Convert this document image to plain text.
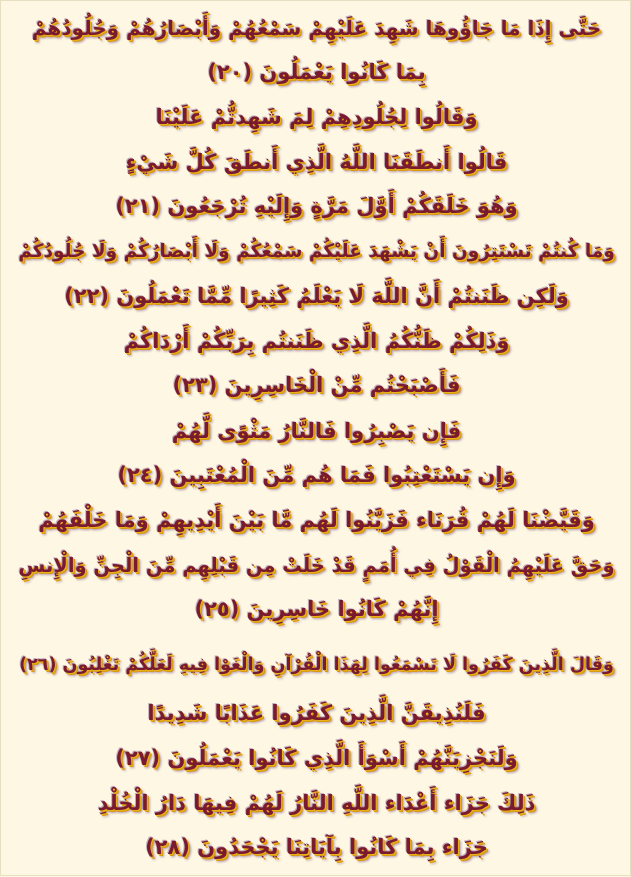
حَتَّى إِذَا مَا جَاؤُوهَا شَهِدَ عَلَيْهِمْ سَمْعُهُمْ وَأَبْصَارُهُمْ وَجُلُودُهُمْ
بِمَا كَانُوا يَعْمَلُونَ (٢٠)
وَقَالُوا لِجُلُودِهِمْ لِمَ شَهِدتُّمْ عَلَيْنَا
قَالُوا أَنطَقَنَا اللَّهُ الَّذِي أَنطَقَ كُلَّ شَيْءٍ
وَهُوَ خَلَقَكُمْ أَوَّلَ مَرَّةٍ وَإِلَيْهِ تُرْجَعُونَ (٢١)
وَمَا كُنتُمْ تَسْتَتِرُونَ أَنْ يَشْهَدَ عَلَيْكُمْ سَمْعُكُمْ وَلَا أَبْصَارُكُمْ وَلَا جُلُودُكُمْ
وَلَكِن ظَنَنتُمْ أَنَّ اللَّهَ لَا يَعْلَمُ كَثِيرًا مِّمَّا تَعْمَلُونَ (٢٢)
وَذَلِكُمْ ظَنُّكُمُ الَّذِي ظَنَنتُم بِرَبِّكُمْ أَرْدَاكُمْ
فَأَصْبَحْتُم مِّنْ الْخَاسِرِينَ (٢٣)
فَإِن يَصْبِرُوا فَالنَّارُ مَثْوًى لَّهُمْ
وَإِن يَسْتَعْتِبُوا فَمَا هُم مِّنَ الْمُعْتَبِينَ (٢٤)
وَقَيَّضْنَا لَهُمْ قُرَنَاء فَزَيَّنُوا لَهُم مَّا بَيْنَ أَيْدِيهِمْ وَمَا خَلْفَهُمْ
وَحَقَّ عَلَيْهِمُ الْقَوْلُ فِي أُمَمٍ قَدْ خَلَتْ مِن قَبْلِهِم مِّنَ الْجِنِّ وَالْإِنسِ
إِنَّهُمْ كَانُوا خَاسِرِينَ (٢٥)
وَقَالَ الَّذِينَ كَفَرُوا لَا تَسْمَعُوا لِهَذَا الْقُرْآنِ وَالْغَوْا فِيهِ لَعَلَّكُمْ تَغْلِبُونَ (٢٦)
فَلَنُذِيقَنَّ الَّذِينَ كَفَرُوا عَذَابًا شَدِيدًا
وَلَنَجْزِيَنَّهُمْ أَسْوَأَ الَّذِي كَانُوا يَعْمَلُونَ (٢٧)
ذَلِكَ جَزَاء أَعْدَاء اللَّهِ النَّارُ لَهُمْ فِيهَا دَارُ الْخُلْدِ
جَزَاء بِمَا كَانُوا بِآيَاتِنَا يَجْحَدُونَ (٢٨)
